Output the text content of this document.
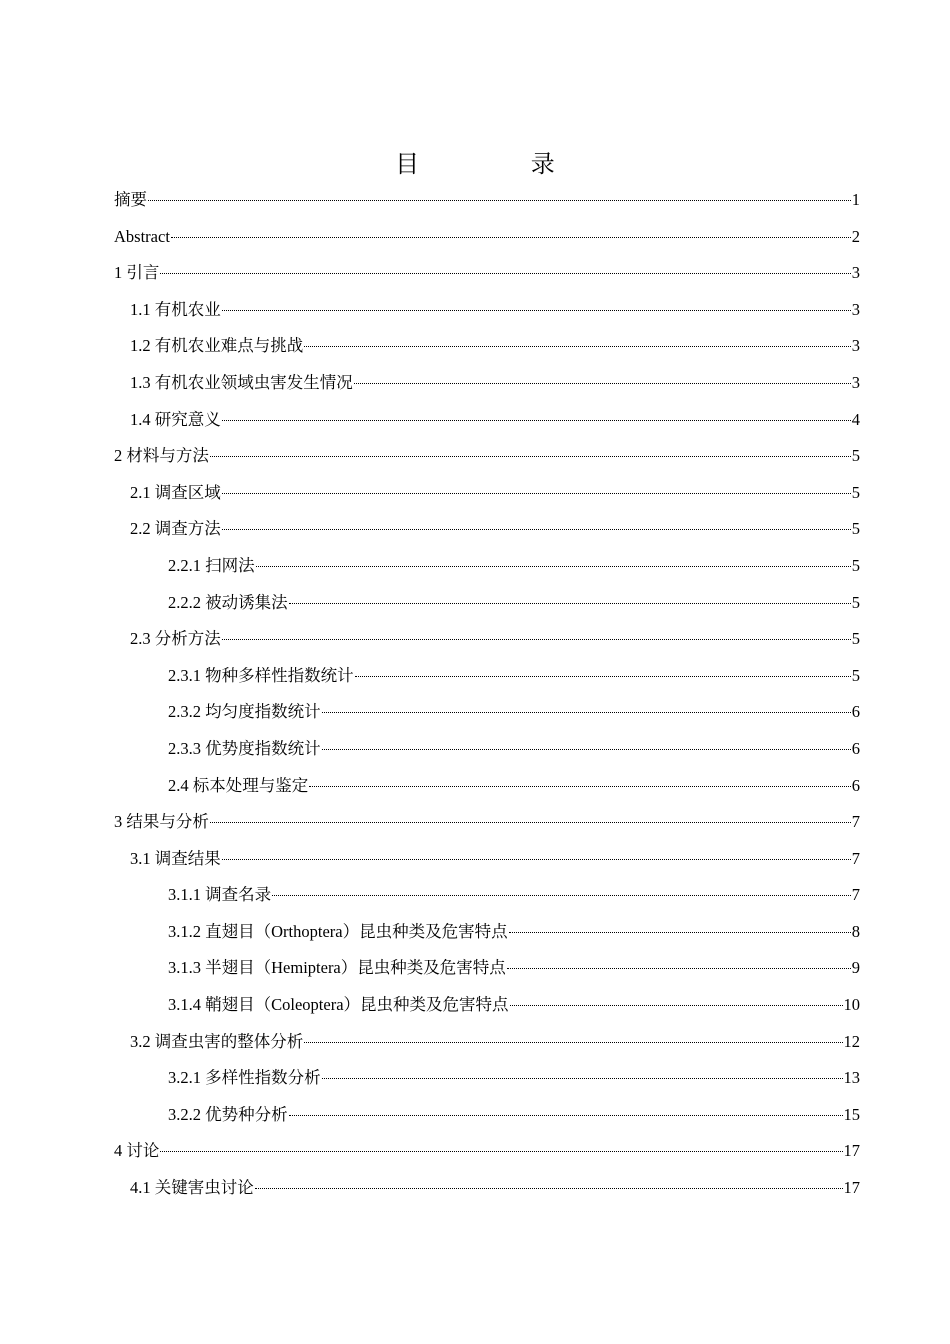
目 录
摘要	1
Abstract	2
1 引言	3
1.1 有机农业	3
1.2 有机农业难点与挑战	3
1.3 有机农业领域虫害发生情况	3
1.4 研究意义	4
2 材料与方法	5
2.1 调查区域	5
2.2 调查方法	5
2.2.1 扫网法	5
2.2.2 被动诱集法	5
2.3 分析方法	5
2.3.1 物种多样性指数统计	5
2.3.2 均匀度指数统计	6
2.3.3 优势度指数统计	6
2.4 标本处理与鉴定	6
3 结果与分析	7
3.1 调查结果	7
3.1.1 调查名录	7
3.1.2 直翅目（Orthoptera）昆虫种类及危害特点	8
3.1.3 半翅目（Hemiptera）昆虫种类及危害特点	9
3.1.4 鞘翅目（Coleoptera）昆虫种类及危害特点	10
3.2 调查虫害的整体分析	12
3.2.1 多样性指数分析	13
3.2.2 优势种分析	15
4 讨论	17
4.1 关键害虫讨论	17
